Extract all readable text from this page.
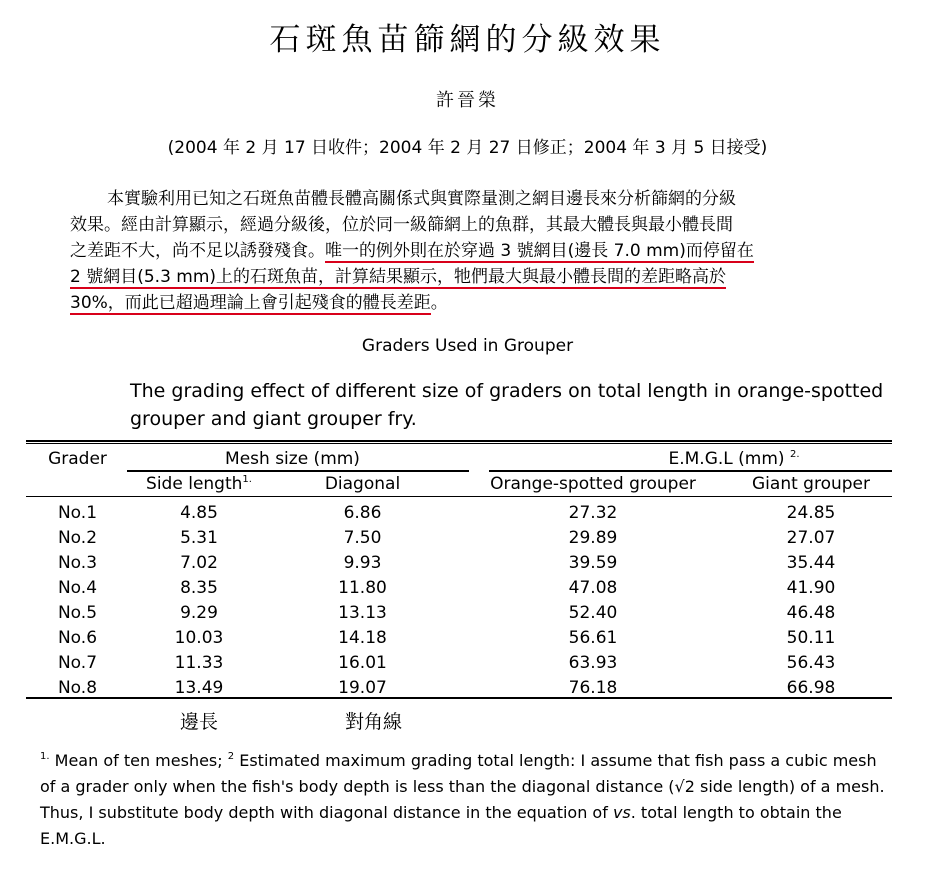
石斑魚苗篩網的分級效果
許晉榮
(2004 年 2 月 17 日收件；2004 年 2 月 27 日修正；2004 年 3 月 5 日接受)
本實驗利用已知之石斑魚苗體長體高關係式與實際量測之網目邊長來分析篩網的分級
效果。經由計算顯示，經過分級後，位於同一級篩網上的魚群，其最大體長與最小體長間
之差距不大，尚不足以誘發殘食。唯一的例外則在於穿過 3 號網目(邊長 7.0 mm)而停留在
2 號網目(5.3 mm)上的石斑魚苗，計算結果顯示，牠們最大與最小體長間的差距略高於
30%，而此已超過理論上會引起殘食的體長差距。
Graders Used in Grouper
The grading effect of different size of graders on total length in orange-spotted grouper and giant grouper fry.
Grader	Mesh size (mm)		E.M.G.L (mm) $^{2.}$
	Side length$^{1.}$	Diagonal	Orange-spotted grouper	Giant grouper

No.1	4.85	6.86	27.32	24.85
No.2	5.31	7.50	29.89	27.07
No.3	7.02	9.93	39.59	35.44
No.4	8.35	11.80	47.08	41.90
No.5	9.29	13.13	52.40	46.48
No.6	10.03	14.18	56.61	50.11
No.7	11.33	16.01	63.93	56.43
No.8	13.49	19.07	76.18	66.98
邊長	對角線
$^{1.}$ Mean of ten meshes; $^2$ Estimated maximum grading total length: I assume that fish pass a cubic mesh of a grader only when the fish's body depth is less than the diagonal distance (√2 side length) of a mesh. Thus, I substitute body depth with diagonal distance in the equation of vs. total length to obtain the E.M.G.L.
